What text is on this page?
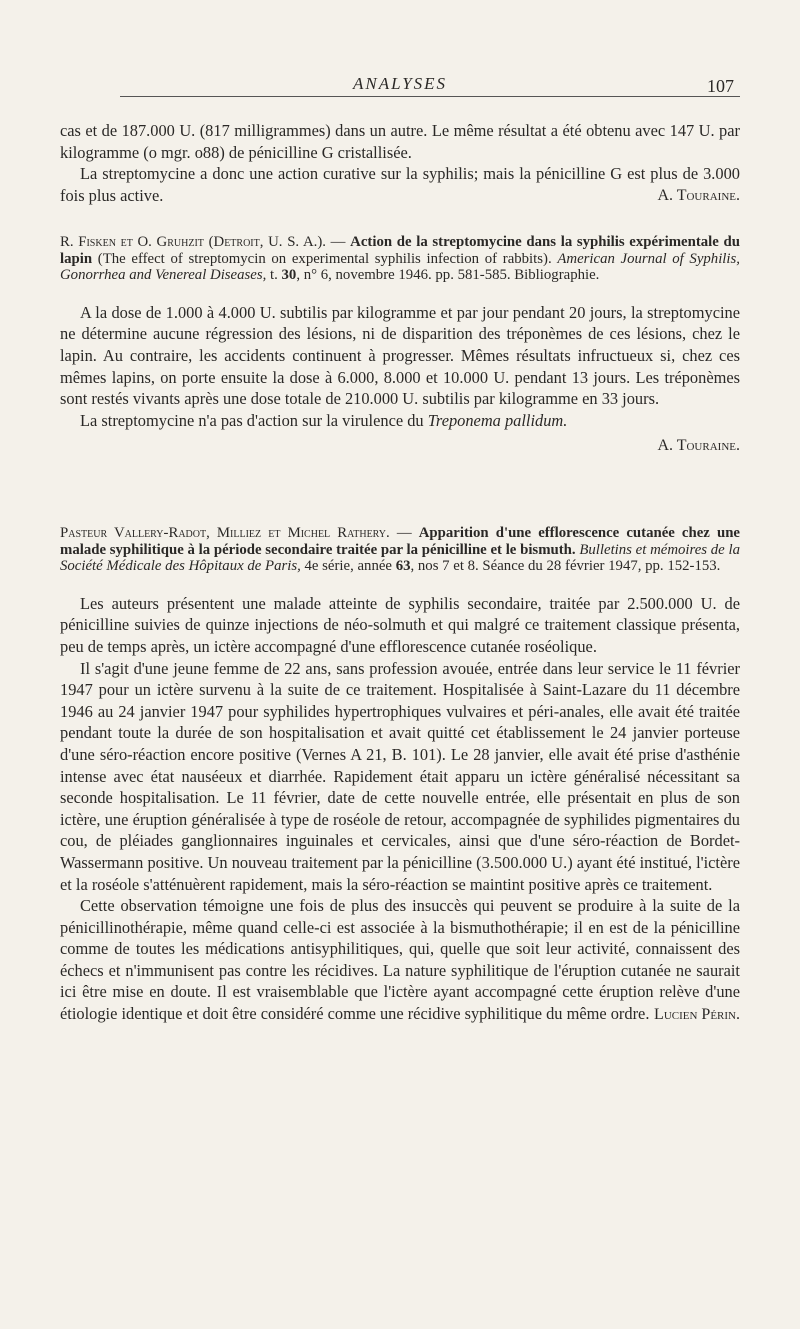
ANALYSES	107

cas et de 187.000 U. (817 milligrammes) dans un autre. Le même résultat a été obtenu avec 147 U. par kilogramme (o mgr. o88) de pénicilline G cristallisée.

La streptomycine a donc une action curative sur la syphilis; mais la pénicilline G est plus de 3.000 fois plus active.	A. Touraine.

R. Fisken et O. Gruhzit (Detroit, U. S. A.). — Action de la streptomycine dans la syphilis expérimentale du lapin (The effect of streptomycin on experimental syphilis infection of rabbits). American Journal of Syphilis, Gonorrhea and Venereal Diseases, t. 30, n° 6, novembre 1946. pp. 581-585. Bibliographie.

A la dose de 1.000 à 4.000 U. subtilis par kilogramme et par jour pendant 20 jours, la streptomycine ne détermine aucune régression des lésions, ni de disparition des tréponèmes de ces lésions, chez le lapin. Au contraire, les accidents continuent à progresser. Mêmes résultats infructueux si, chez ces mêmes lapins, on porte ensuite la dose à 6.000, 8.000 et 10.000 U. pendant 13 jours. Les tréponèmes sont restés vivants après une dose totale de 210.000 U. subtilis par kilogramme en 33 jours.

La streptomycine n'a pas d'action sur la virulence du Treponema pallidum.

A. Touraine.

Pasteur Vallery-Radot, Milliez et Michel Rathery. — Apparition d'une efflorescence cutanée chez une malade syphilitique à la période secondaire traitée par la pénicilline et le bismuth. Bulletins et mémoires de la Société Médicale des Hôpitaux de Paris, 4e série, année 63, nos 7 et 8. Séance du 28 février 1947, pp. 152-153.

Les auteurs présentent une malade atteinte de syphilis secondaire, traitée par 2.500.000 U. de pénicilline suivies de quinze injections de néo-solmuth et qui malgré ce traitement classique présenta, peu de temps après, un ictère accompagné d'une efflorescence cutanée roséolique.

Il s'agit d'une jeune femme de 22 ans, sans profession avouée, entrée dans leur service le 11 février 1947 pour un ictère survenu à la suite de ce traitement. Hospitalisée à Saint-Lazare du 11 décembre 1946 au 24 janvier 1947 pour syphilides hypertrophiques vulvaires et péri-anales, elle avait été traitée pendant toute la durée de son hospitalisation et avait quitté cet établissement le 24 janvier porteuse d'une séro-réaction encore positive (Vernes A 21, B. 101). Le 28 janvier, elle avait été prise d'asthénie intense avec état nauséeux et diarrhée. Rapidement était apparu un ictère généralisé nécessitant sa seconde hospitalisation. Le 11 février, date de cette nouvelle entrée, elle présentait en plus de son ictère, une éruption généralisée à type de roséole de retour, accompagnée de syphilides pigmentaires du cou, de pléiades ganglionnaires inguinales et cervicales, ainsi que d'une séro-réaction de Bordet-Wassermann positive. Un nouveau traitement par la pénicilline (3.500.000 U.) ayant été institué, l'ictère et la roséole s'atténuèrent rapidement, mais la séro-réaction se maintint positive après ce traitement.

Cette observation témoigne une fois de plus des insuccès qui peuvent se produire à la suite de la pénicillinothérapie, même quand celle-ci est associée à la bismuthothérapie; il en est de la pénicilline comme de toutes les médications antisyphilitiques, qui, quelle que soit leur activité, connaissent des échecs et n'immunisent pas contre les récidives. La nature syphilitique de l'éruption cutanée ne saurait ici être mise en doute. Il est vraisemblable que l'ictère ayant accompagné cette éruption relève d'une étiologie identique et doit être considéré comme une récidive syphilitique du même ordre. Lucien Périn.
